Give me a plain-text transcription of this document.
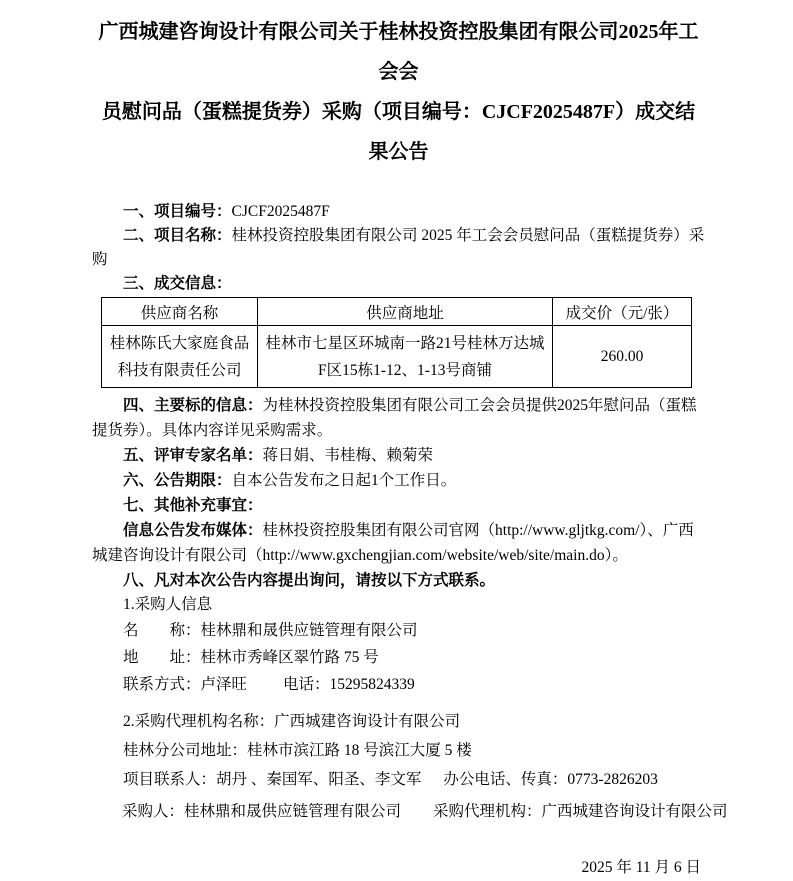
广西城建咨询设计有限公司关于桂林投资控股集团有限公司2025年工会会
员慰问品（蛋糕提货券）采购（项目编号：CJCF2025487F）成交结果公告

一、项目编号：CJCF2025487F

二、项目名称：桂林投资控股集团有限公司 2025 年工会会员慰问品（蛋糕提货券）采购

三、成交信息：

供应商名称	供应商地址	成交价（元/张）
桂林陈氏大家庭食品科技有限责任公司	桂林市七星区环城南一路21号桂林万达城F区15栋1-12、1-13号商铺	260.00

四、主要标的信息：为桂林投资控股集团有限公司工会会员提供2025年慰问品（蛋糕提货券）。具体内容详见采购需求。

五、评审专家名单：蒋日娟、韦桂梅、赖菊荣

六、公告期限：自本公告发布之日起1个工作日。

七、其他补充事宜：

信息公告发布媒体：桂林投资控股集团有限公司官网（http://www.gljtkg.com/）、广西城建咨询设计有限公司（http://www.gxchengjian.com/website/web/site/main.do）。

八、凡对本次公告内容提出询问，请按以下方式联系。

1.采购人信息

名　　称：桂林鼎和晟供应链管理有限公司

地　　址：桂林市秀峰区翠竹路 75 号

联系方式：卢泽旺 电话：15295824339

2.采购代理机构名称：广西城建咨询设计有限公司

桂林分公司地址：桂林市滨江路 18 号滨江大厦 5 楼

项目联系人：胡丹 、秦国军、阳圣、李文军 办公电话、传真：0773-2826203

采购人：桂林鼎和晟供应链管理有限公司 采购代理机构：广西城建咨询设计有限公司
2025 年 11 月 6 日
